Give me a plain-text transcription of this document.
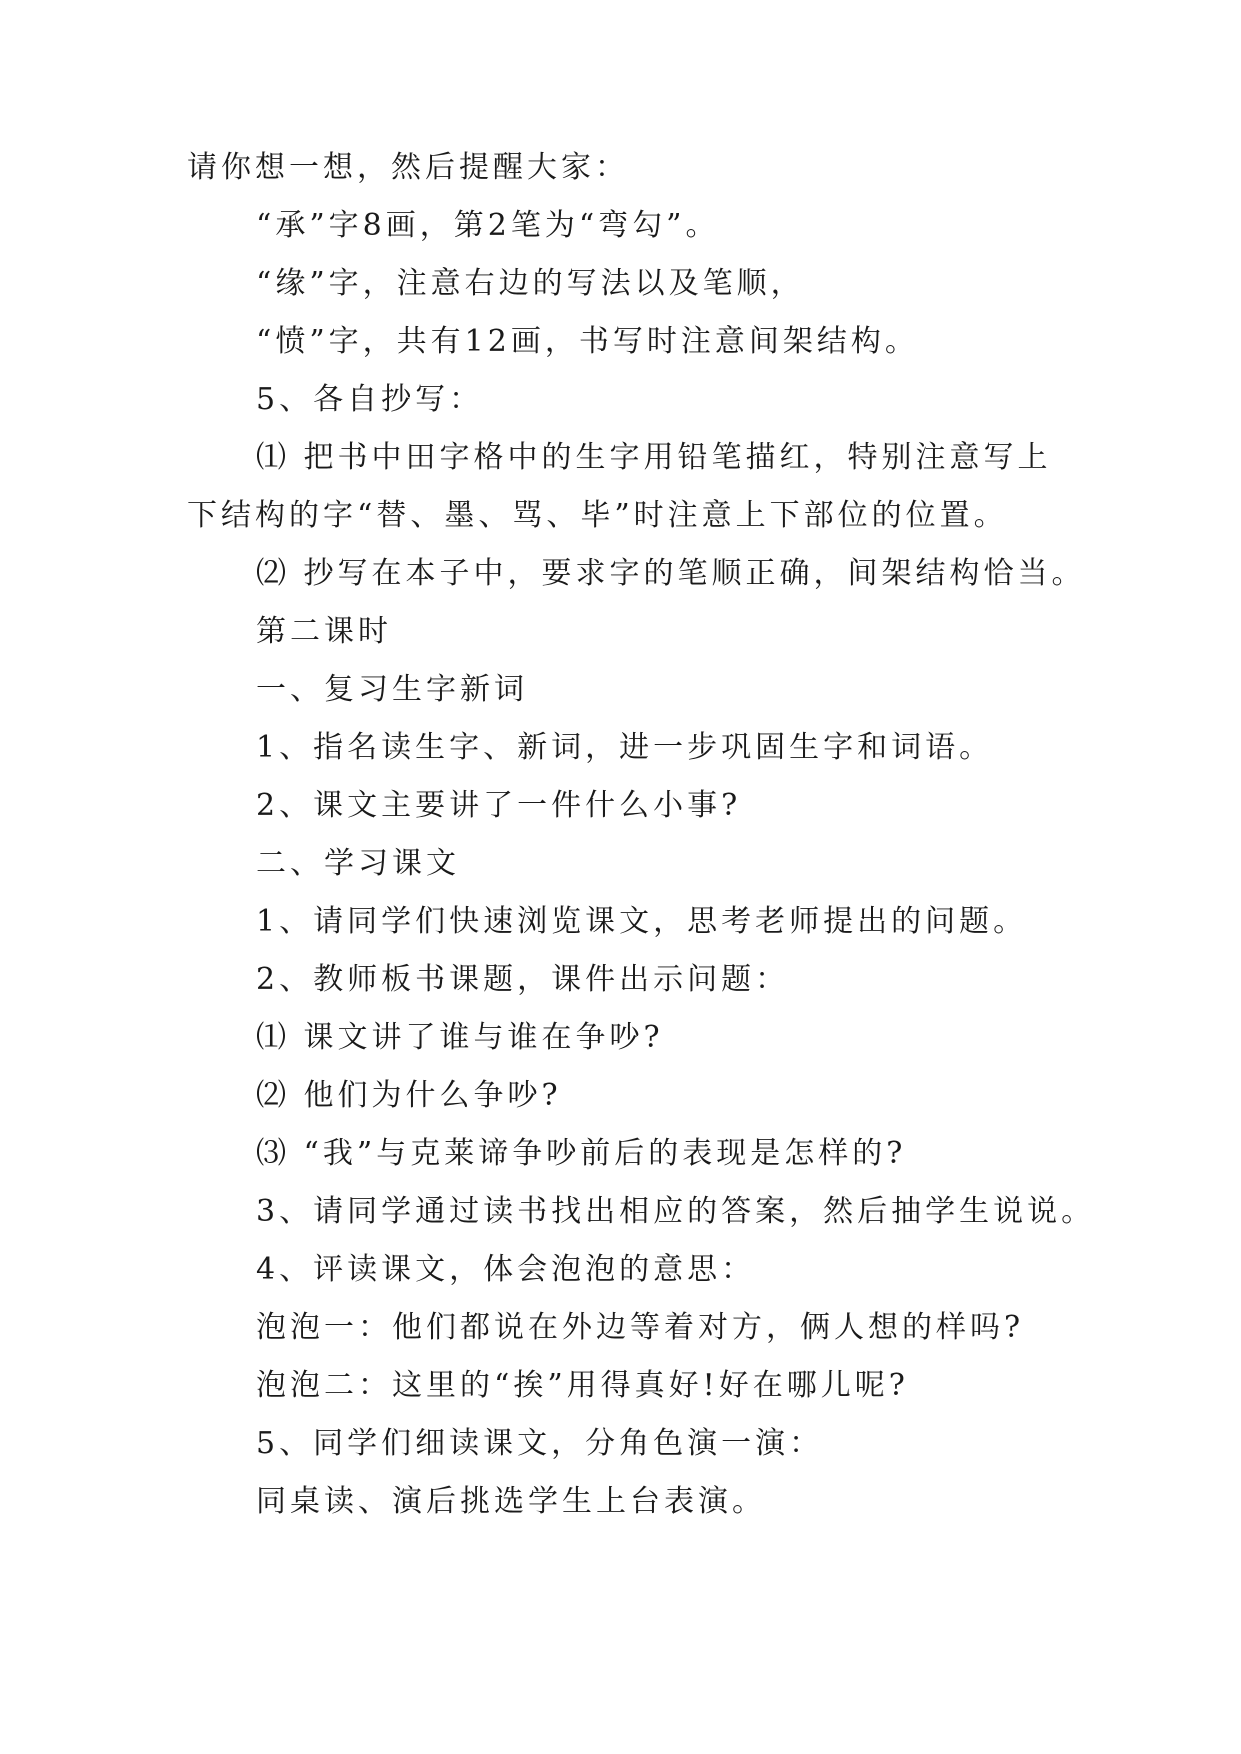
请你想一想，然后提醒大家：
“承”字8画，第2笔为“弯勾”。
“缘”字，注意右边的写法以及笔顺，
“愤”字，共有12画，书写时注意间架结构。
5、各自抄写：
⑴ 把书中田字格中的生字用铅笔描红，特别注意写上
下结构的字“替、墨、骂、毕”时注意上下部位的位置。
⑵ 抄写在本子中，要求字的笔顺正确，间架结构恰当。
第二课时
一、复习生字新词
1、指名读生字、新词，进一步巩固生字和词语。
2、课文主要讲了一件什么小事?
二、学习课文
1、请同学们快速浏览课文，思考老师提出的问题。
2、教师板书课题，课件出示问题：
⑴ 课文讲了谁与谁在争吵?
⑵ 他们为什么争吵?
⑶ “我”与克莱谛争吵前后的表现是怎样的?
3、请同学通过读书找出相应的答案，然后抽学生说说。
4、评读课文，体会泡泡的意思：
泡泡一：他们都说在外边等着对方，俩人想的样吗?
泡泡二：这里的“挨”用得真好!好在哪儿呢?
5、同学们细读课文，分角色演一演：
同桌读、演后挑选学生上台表演。
